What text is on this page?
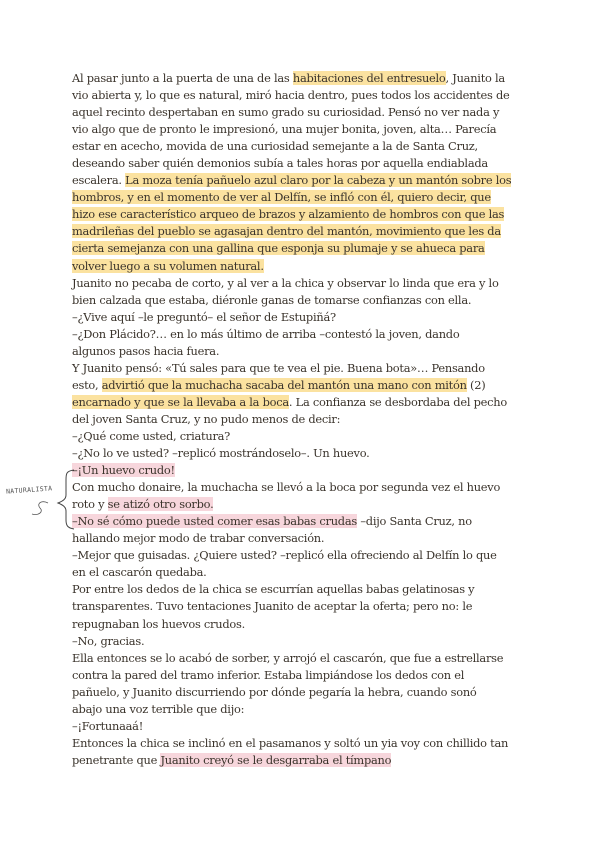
Al pasar junto a la puerta de una de las habitaciones del entresuelo, Juanito la
vio abierta y, lo que es natural, miró hacia dentro, pues todos los accidentes de
aquel recinto despertaban en sumo grado su curiosidad. Pensó no ver nada y
vio algo que de pronto le impresionó, una mujer bonita, joven, alta… Parecía
estar en acecho, movida de una curiosidad semejante a la de Santa Cruz,
deseando saber quién demonios subía a tales horas por aquella endiablada
escalera. La moza tenía pañuelo azul claro por la cabeza y un mantón sobre los
hombros, y en el momento de ver al Delfín, se infló con él, quiero decir, que
hizo ese característico arqueo de brazos y alzamiento de hombros con que las
madrileñas del pueblo se agasajan dentro del mantón, movimiento que les da
cierta semejanza con una gallina que esponja su plumaje y se ahueca para
volver luego a su volumen natural.
Juanito no pecaba de corto, y al ver a la chica y observar lo linda que era y lo
bien calzada que estaba, diéronle ganas de tomarse confianzas con ella.
–¿Vive aquí –le preguntó– el señor de Estupiñá?
–¿Don Plácido?… en lo más último de arriba –contestó la joven, dando
algunos pasos hacia fuera.
Y Juanito pensó: «Tú sales para que te vea el pie. Buena bota»… Pensando
esto, advirtió que la muchacha sacaba del mantón una mano con mitón (2)
encarnado y que se la llevaba a la boca. La confianza se desbordaba del pecho
del joven Santa Cruz, y no pudo menos de decir:
–¿Qué come usted, criatura?
–¿No lo ve usted? –replicó mostrándoselo–. Un huevo.
–¡Un huevo crudo!
Con mucho donaire, la muchacha se llevó a la boca por segunda vez el huevo
roto y se atizó otro sorbo.
–No sé cómo puede usted comer esas babas crudas –dijo Santa Cruz, no
hallando mejor modo de trabar conversación.
–Mejor que guisadas. ¿Quiere usted? –replicó ella ofreciendo al Delfín lo que
en el cascarón quedaba.
Por entre los dedos de la chica se escurrían aquellas babas gelatinosas y
transparentes. Tuvo tentaciones Juanito de aceptar la oferta; pero no: le
repugnaban los huevos crudos.
–No, gracias.
Ella entonces se lo acabó de sorber, y arrojó el cascarón, que fue a estrellarse
contra la pared del tramo inferior. Estaba limpiándose los dedos con el
pañuelo, y Juanito discurriendo por dónde pegaría la hebra, cuando sonó
abajo una voz terrible que dijo:
–¡Fortunaaá!
Entonces la chica se inclinó en el pasamanos y soltó un yia voy con chillido tan
penetrante que Juanito creyó se le desgarraba el tímpano
NATURALISTA
